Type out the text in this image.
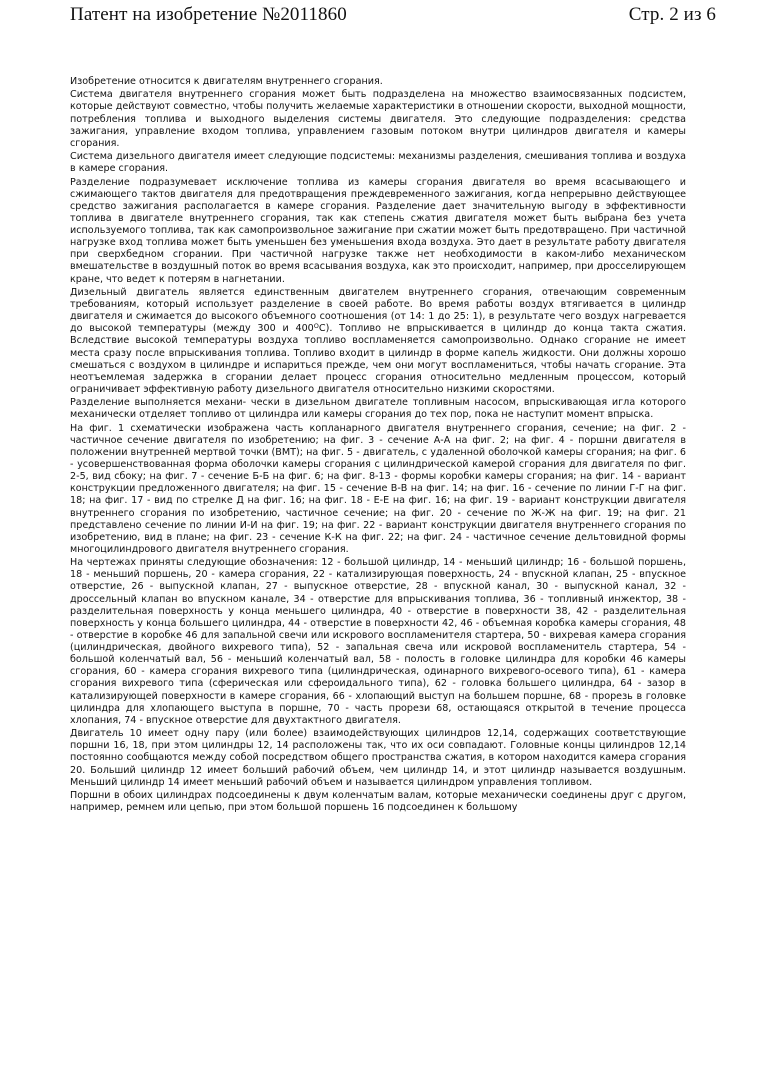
Патент на изобретение №2011860	Стр. 2 из 6

Изобретение относится к двигателям внутреннего сгорания.

Система двигателя внутреннего сгорания может быть подразделена на множество взаимосвязанных подсистем, которые действуют совместно, чтобы получить желаемые характеристики в отношении скорости, выходной мощности, потребления топлива и выходного выделения системы двигателя. Это следующие подразделения: средства зажигания, управление входом топлива, управлением газовым потоком внутри цилиндров двигателя и камеры сгорания.

Система дизельного двигателя имеет следующие подсистемы: механизмы разделения, смешивания топлива и воздуха в камере сгорания.

Разделение подразумевает исключение топлива из камеры сгорания двигателя во время всасывающего и сжимающего тактов двигателя для предотвращения преждевременного зажигания, когда непрерывно действующее средство зажигания располагается в камере сгорания. Разделение дает значительную выгоду в эффективности топлива в двигателе внутреннего сгорания, так как степень сжатия двигателя может быть выбрана без учета используемого топлива, так как самопроизвольное зажигание при сжатии может быть предотвращено. При частичной нагрузке вход топлива может быть уменьшен без уменьшения входа воздуха. Это дает в результате работу двигателя при сверхбедном сгорании. При частичной нагрузке также нет необходимости в каком-либо механическом вмешательстве в воздушный поток во время всасывания воздуха, как это происходит, например, при дросселирующем кране, что ведет к потерям в нагнетании.

Дизельный двигатель является единственным двигателем внутреннего сгорания, отвечающим современным требованиям, который использует разделение в своей работе. Во время работы воздух втягивается в цилиндр двигателя и сжимается до высокого объемного соотношения (от 14: 1 до 25: 1), в результате чего воздух нагревается до высокой температуры (между 300 и $400^OС$). Топливо не впрыскивается в цилиндр до конца такта сжатия. Вследствие высокой температуры воздуха топливо воспламеняется самопроизвольно. Однако сгорание не имеет места сразу после впрыскивания топлива. Топливо входит в цилиндр в форме капель жидкости. Они должны хорошо смешаться с воздухом в цилиндре и испариться прежде, чем они могут воспламениться, чтобы начать сгорание. Эта неотъемлемая задержка в сгорании делает процесс сгорания относительно медленным процессом, который ограничивает эффективную работу дизельного двигателя относительно низкими скоростями.

Разделение выполняется механи- чески в дизельном двигателе топливным насосом, впрыскивающая игла которого механически отделяет топливо от цилиндра или камеры сгорания до тех пор, пока не наступит момент впрыска.

На фиг. 1 схематически изображена часть копланарного двигателя внутреннего сгорания, сечение; на фиг. 2 - частичное сечение двигателя по изобретению; на фиг. 3 - сечение А-А на фиг. 2; на фиг. 4 - поршни двигателя в положении внутренней мертвой точки (ВМТ); на фиг. 5 - двигатель, с удаленной оболочкой камеры сгорания; на фиг. 6 - усовершенствованная форма оболочки камеры сгорания с цилиндрической камерой сгорания для двигателя по фиг. 2-5, вид сбоку; на фиг. 7 - сечение Б-Б на фиг. 6; на фиг. 8-13 - формы коробки камеры сгорания; на фиг. 14 - вариант конструкции предложенного двигателя; на фиг. 15 - сечение В-В на фиг. 14; на фиг. 16 - сечение по линии Г-Г на фиг. 18; на фиг. 17 - вид по стрелке Д на фиг. 16; на фиг. 18 - Е-Е на фиг. 16; на фиг. 19 - вариант конструкции двигателя внутреннего сгорания по изобретению, частичное сечение; на фиг. 20 - сечение по Ж-Ж на фиг. 19; на фиг. 21 представлено сечение по линии И-И на фиг. 19; на фиг. 22 - вариант конструкции двигателя внутреннего сгорания по изобретению, вид в плане; на фиг. 23 - сечение К-К на фиг. 22; на фиг. 24 - частичное сечение дельтовидной формы многоцилиндрового двигателя внутреннего сгорания.

На чертежах приняты следующие обозначения: 12 - большой цилиндр, 14 - меньший цилиндр; 16 - большой поршень, 18 - меньший поршень, 20 - камера сгорания, 22 - катализирующая поверхность, 24 - впускной клапан, 25 - впускное отверстие, 26 - выпускной клапан, 27 - выпускное отверстие, 28 - впускной канал, 30 - выпускной канал, 32 - дроссельный клапан во впускном канале, 34 - отверстие для впрыскивания топлива, 36 - топливный инжектор, 38 - разделительная поверхность у конца меньшего цилиндра, 40 - отверстие в поверхности 38, 42 - разделительная поверхность у конца большего цилиндра, 44 - отверстие в поверхности 42, 46 - объемная коробка камеры сгорания, 48 - отверстие в коробке 46 для запальной свечи или искрового воспламенителя стартера, 50 - вихревая камера сгорания (цилиндрическая, двойного вихревого типа), 52 - запальная свеча или искровой воспламенитель стартера, 54 - большой коленчатый вал, 56 - меньший коленчатый вал, 58 - полость в головке цилиндра для коробки 46 камеры сгорания, 60 - камера сгорания вихревого типа (цилиндрическая, одинарного вихревого-осевого типа), 61 - камера сгорания вихревого типа (сферическая или сфероидального типа), 62 - головка большего цилиндра, 64 - зазор в катализирующей поверхности в камере сгорания, 66 - хлопающий выступ на большем поршне, 68 - прорезь в головке цилиндра для хлопающего выступа в поршне, 70 - часть прорези 68, остающаяся открытой в течение процесса хлопания, 74 - впускное отверстие для двухтактного двигателя.

Двигатель 10 имеет одну пару (или более) взаимодействующих цилиндров 12,14, содержащих соответствующие поршни 16, 18, при этом цилиндры 12, 14 расположены так, что их оси совпадают. Головные концы цилиндров 12,14 постоянно сообщаются между собой посредством общего пространства сжатия, в котором находится камера сгорания 20. Больший цилиндр 12 имеет больший рабочий объем, чем цилиндр 14, и этот цилиндр называется воздушным. Меньший цилиндр 14 имеет меньший рабочий объем и называется цилиндром управления топливом.

Поршни в обоих цилиндрах подсоединены к двум коленчатым валам, которые механически соединены друг с другом, например, ремнем или цепью, при этом большой поршень 16 подсоединен к большому
